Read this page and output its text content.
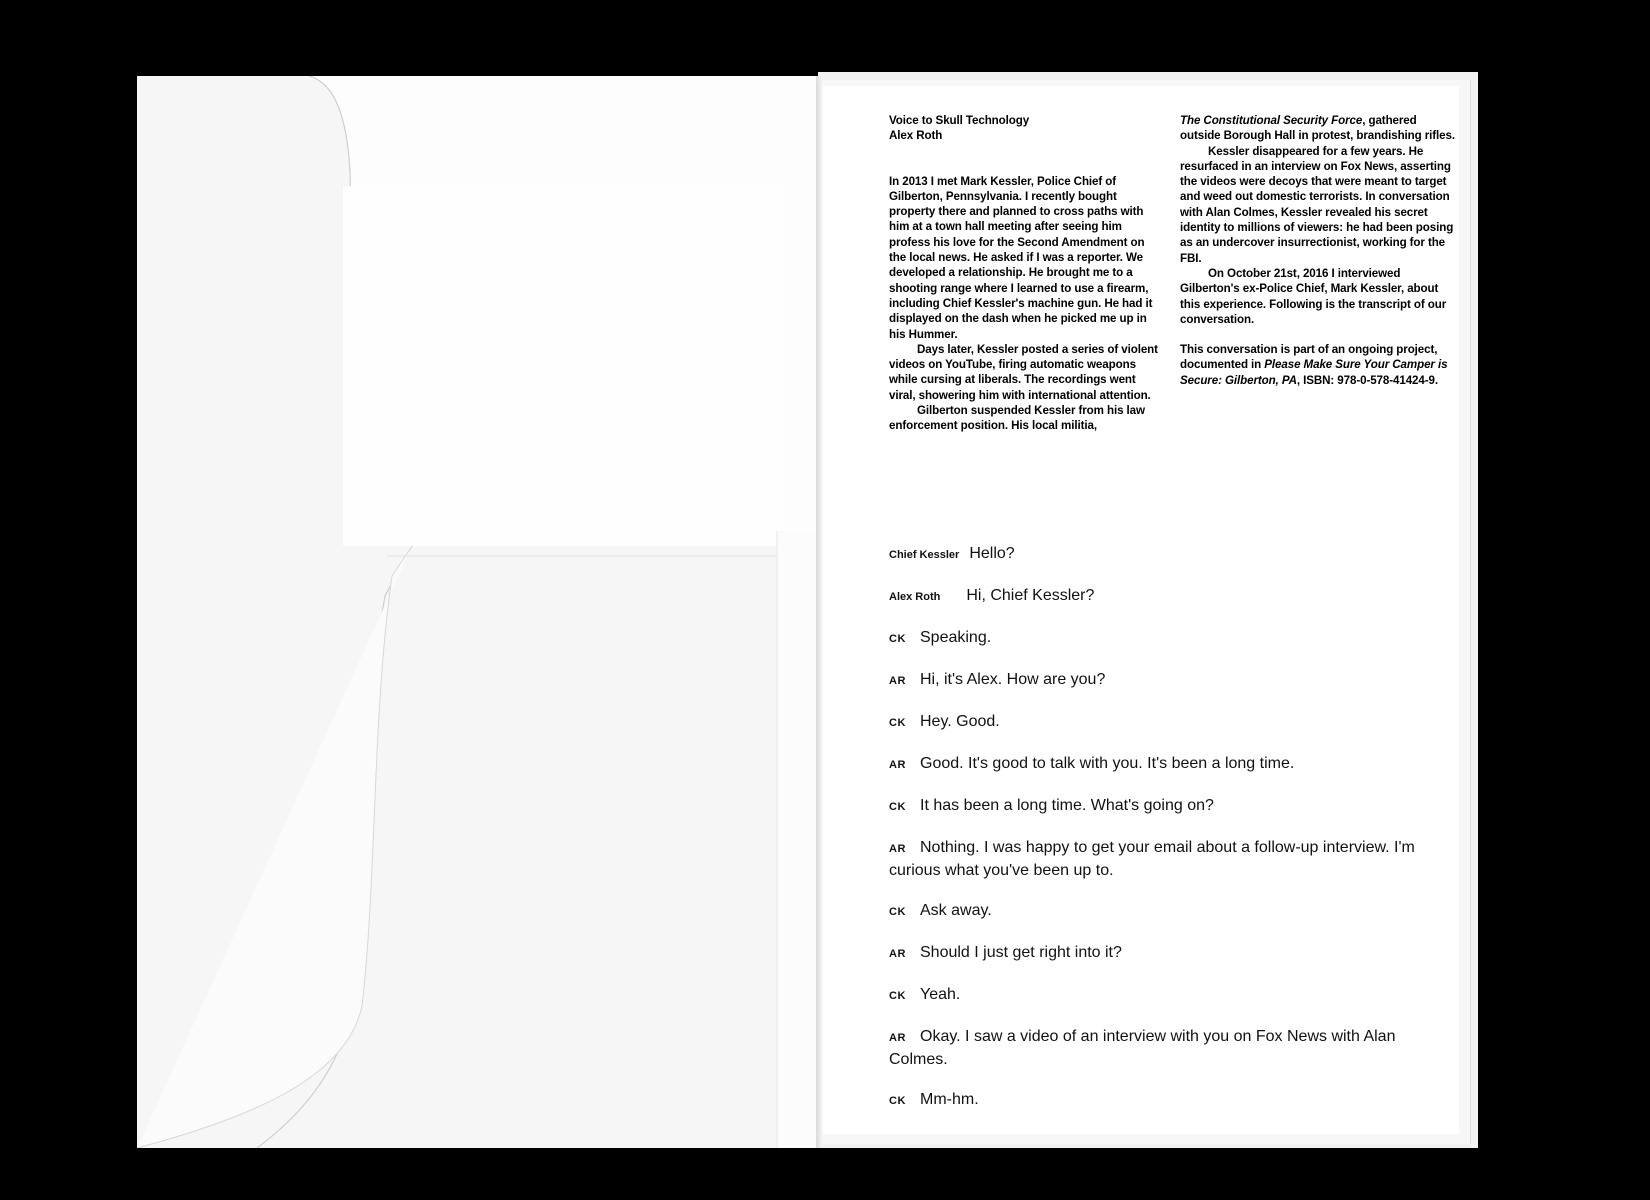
Voice to Skull Technology

Alex Roth

In 2013 I met Mark Kessler, Police Chief of Gilberton, Pennsylvania. I recently bought property there and planned to cross paths with him at a town hall meeting after seeing him profess his love for the Second Amendment on the local news. He asked if I was a reporter. We developed a relationship. He brought me to a shooting range where I learned to use a firearm, including Chief Kessler's machine gun. He had it displayed on the dash when he picked me up in his Hummer.

Days later, Kessler posted a series of violent videos on YouTube, firing automatic weapons while cursing at liberals. The recordings went viral, showering him with international attention.

Gilberton suspended Kessler from his law enforcement position. His local militia,

The Constitutional Security Force, gathered outside Borough Hall in protest, brandishing rifles.

Kessler disappeared for a few years. He resurfaced in an interview on Fox News, asserting the videos were decoys that were meant to target and weed out domestic terrorists. In conversation with Alan Colmes, Kessler revealed his secret identity to millions of viewers: he had been posing as an undercover insurrectionist, working for the FBI.

On October 21st, 2016 I interviewed Gilberton's ex-Police Chief, Mark Kessler, about this experience. Following is the transcript of our conversation.

This conversation is part of an ongoing project, documented in Please Make Sure Your Camper is Secure: Gilberton, PA, ISBN: 978-0-578-41424-9.

Chief Kessler Hello?
Alex Roth Hi, Chief Kessler?
CK Speaking.
AR Hi, it's Alex. How are you?
CK Hey. Good.
AR Good. It's good to talk with you. It's been a long time.
CK It has been a long time. What's going on?
AR Nothing. I was happy to get your email about a follow-up interview. I'm curious what you've been up to.
CK Ask away.
AR Should I just get right into it?
CK Yeah.
AR Okay. I saw a video of an interview with you on Fox News with Alan Colmes.
CK Mm-hm.
